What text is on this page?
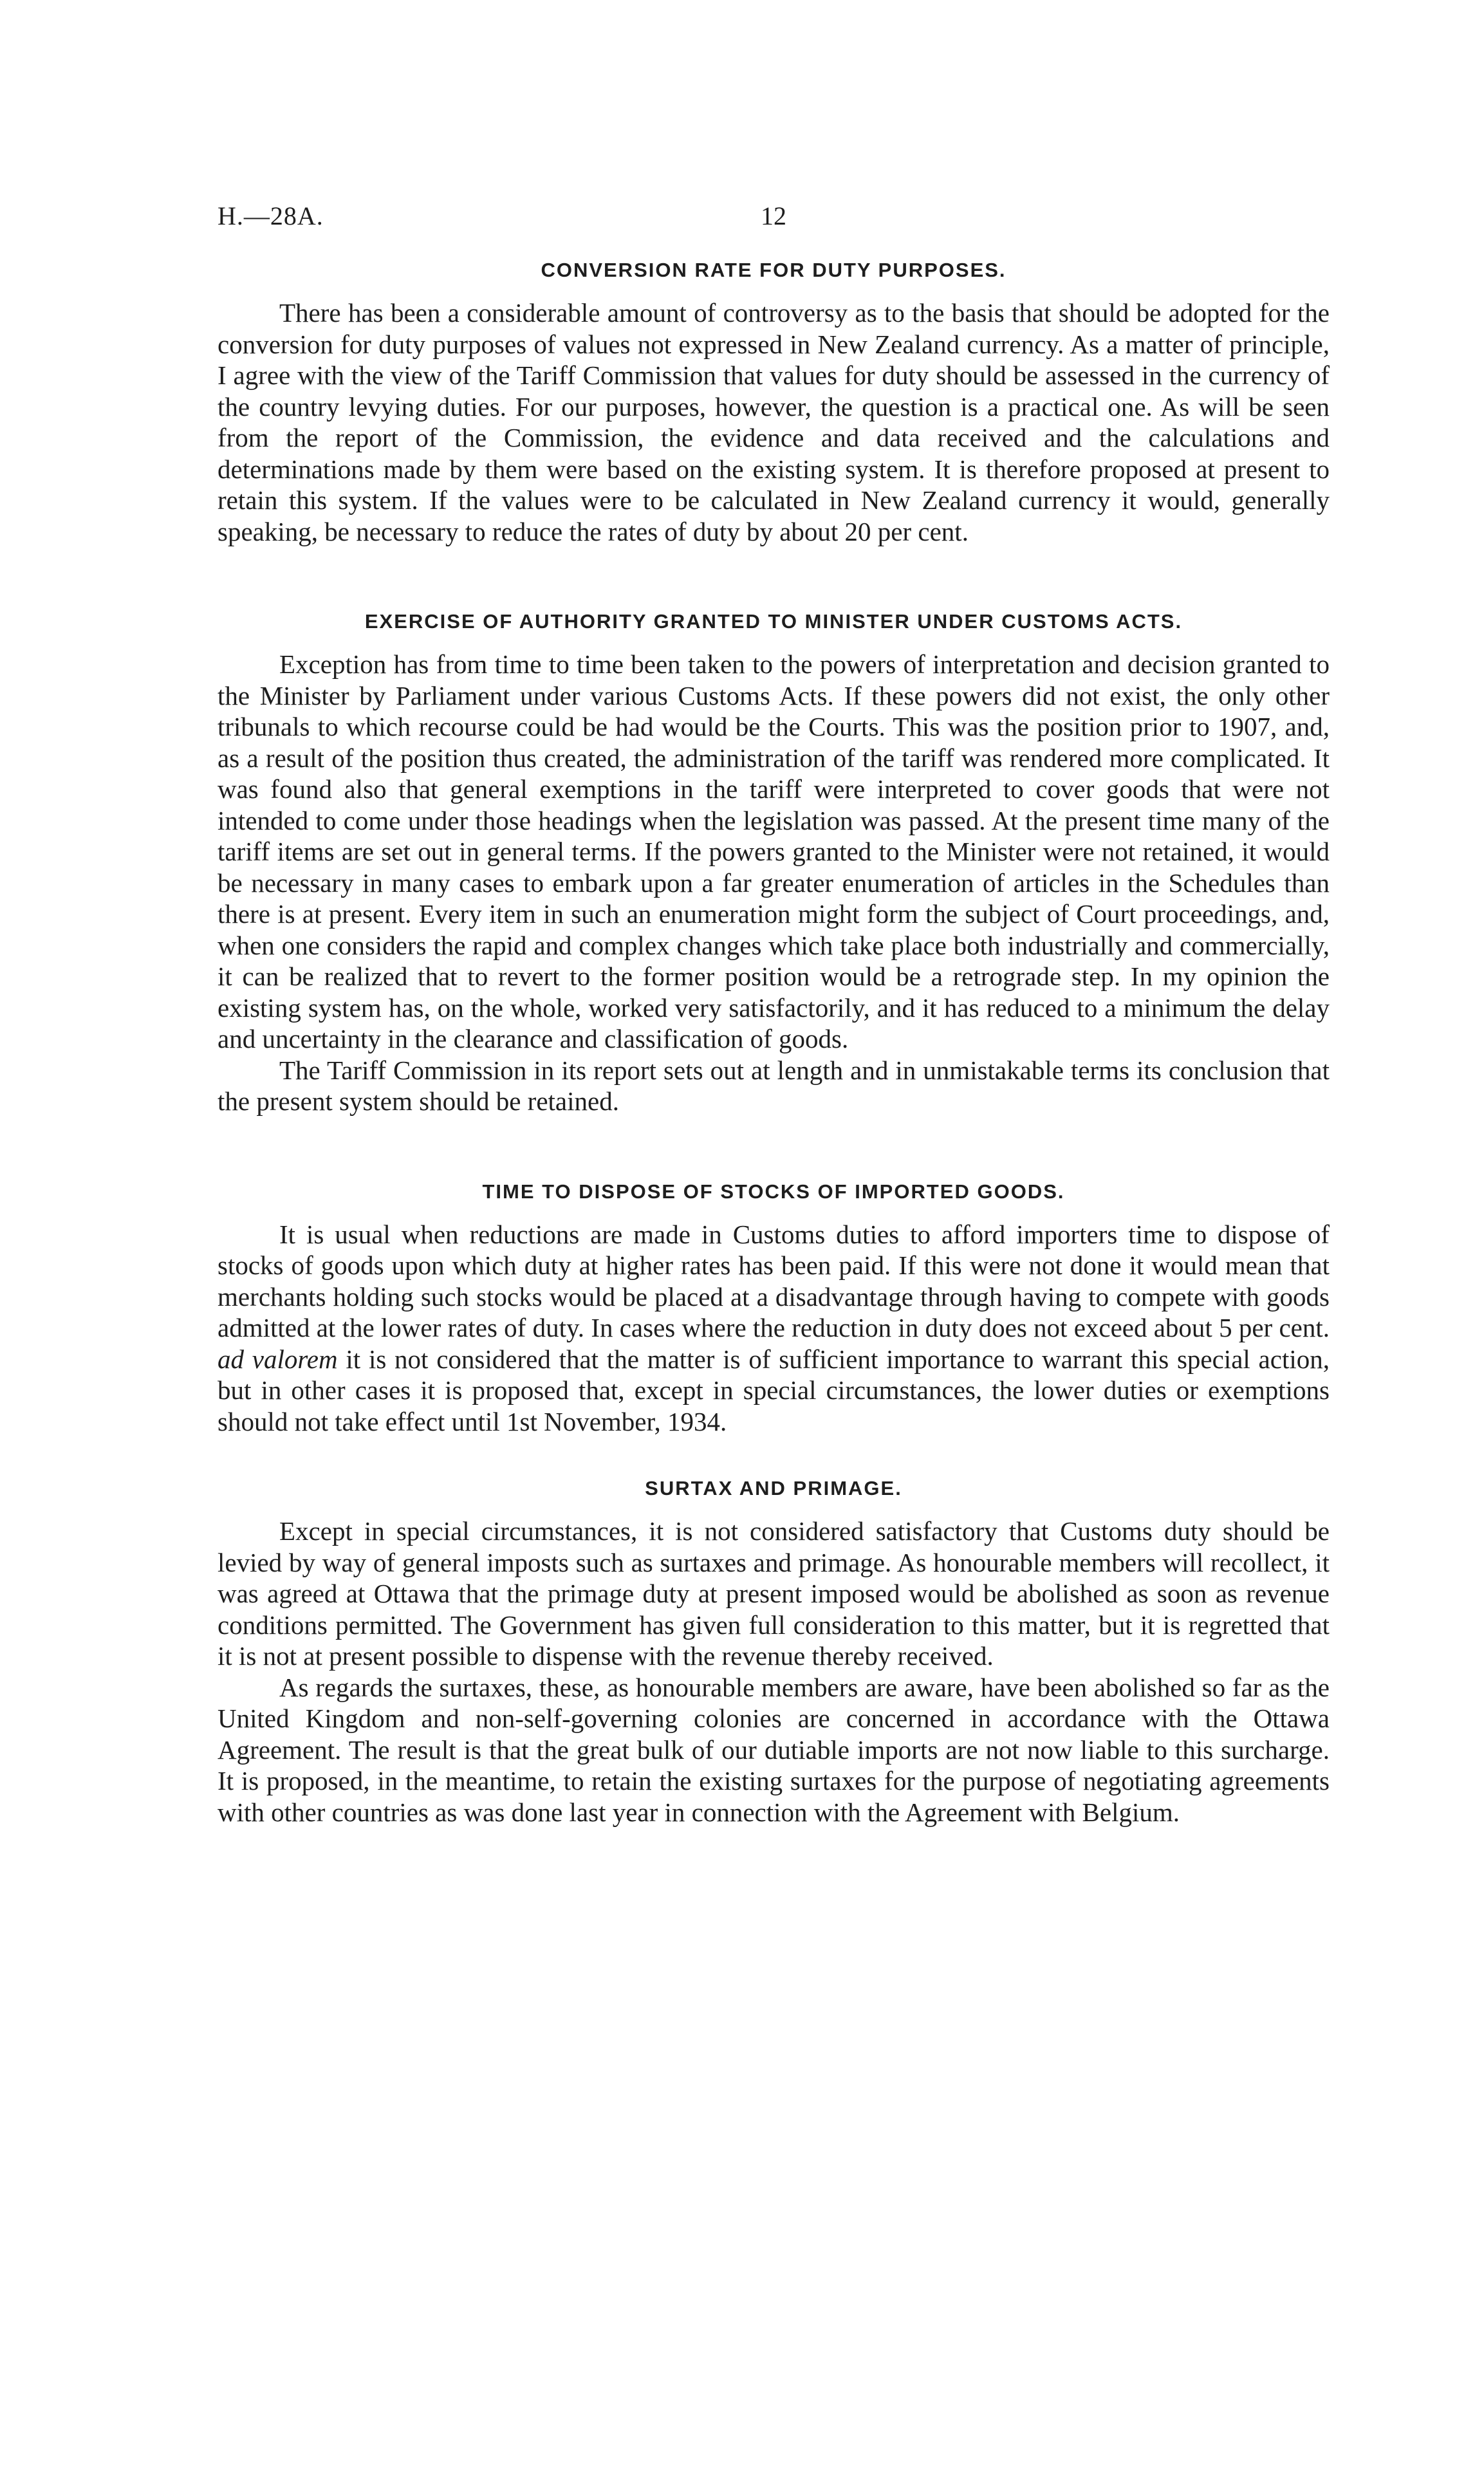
H.—28A.	12
CONVERSION RATE FOR DUTY PURPOSES.

There has been a considerable amount of controversy as to the basis that should be adopted for the conversion for duty purposes of values not expressed in New Zealand currency. As a matter of principle, I agree with the view of the Tariff Commission that values for duty should be assessed in the currency of the country levying duties. For our purposes, however, the question is a practical one. As will be seen from the report of the Commission, the evidence and data received and the calculations and determinations made by them were based on the existing system. It is therefore proposed at present to retain this system. If the values were to be calculated in New Zealand currency it would, generally speaking, be necessary to reduce the rates of duty by about 20 per cent.

EXERCISE OF AUTHORITY GRANTED TO MINISTER UNDER CUSTOMS ACTS.

Exception has from time to time been taken to the powers of interpretation and decision granted to the Minister by Parliament under various Customs Acts. If these powers did not exist, the only other tribunals to which recourse could be had would be the Courts. This was the position prior to 1907, and, as a result of the position thus created, the administration of the tariff was rendered more complicated. It was found also that general exemptions in the tariff were interpreted to cover goods that were not intended to come under those headings when the legislation was passed. At the present time many of the tariff items are set out in general terms. If the powers granted to the Minister were not retained, it would be necessary in many cases to embark upon a far greater enumeration of articles in the Schedules than there is at present. Every item in such an enumeration might form the subject of Court proceedings, and, when one considers the rapid and complex changes which take place both industrially and commercially, it can be realized that to revert to the former position would be a retrograde step. In my opinion the existing system has, on the whole, worked very satisfactorily, and it has reduced to a minimum the delay and uncertainty in the clearance and classification of goods.

The Tariff Commission in its report sets out at length and in unmistakable terms its conclusion that the present system should be retained.

TIME TO DISPOSE OF STOCKS OF IMPORTED GOODS.

It is usual when reductions are made in Customs duties to afford importers time to dispose of stocks of goods upon which duty at higher rates has been paid. If this were not done it would mean that merchants holding such stocks would be placed at a disadvantage through having to compete with goods admitted at the lower rates of duty. In cases where the reduction in duty does not exceed about 5 per cent. ad valorem it is not considered that the matter is of sufficient importance to warrant this special action, but in other cases it is proposed that, except in special circumstances, the lower duties or exemptions should not take effect until 1st November, 1934.

SURTAX AND PRIMAGE.

Except in special circumstances, it is not considered satisfactory that Customs duty should be levied by way of general imposts such as surtaxes and primage. As honourable members will recollect, it was agreed at Ottawa that the primage duty at present imposed would be abolished as soon as revenue conditions permitted. The Government has given full consideration to this matter, but it is regretted that it is not at present possible to dispense with the revenue thereby received.

As regards the surtaxes, these, as honourable members are aware, have been abolished so far as the United Kingdom and non-self-governing colonies are concerned in accordance with the Ottawa Agreement. The result is that the great bulk of our dutiable imports are not now liable to this surcharge. It is proposed, in the meantime, to retain the existing surtaxes for the purpose of negotiating agreements with other countries as was done last year in connection with the Agreement with Belgium.
